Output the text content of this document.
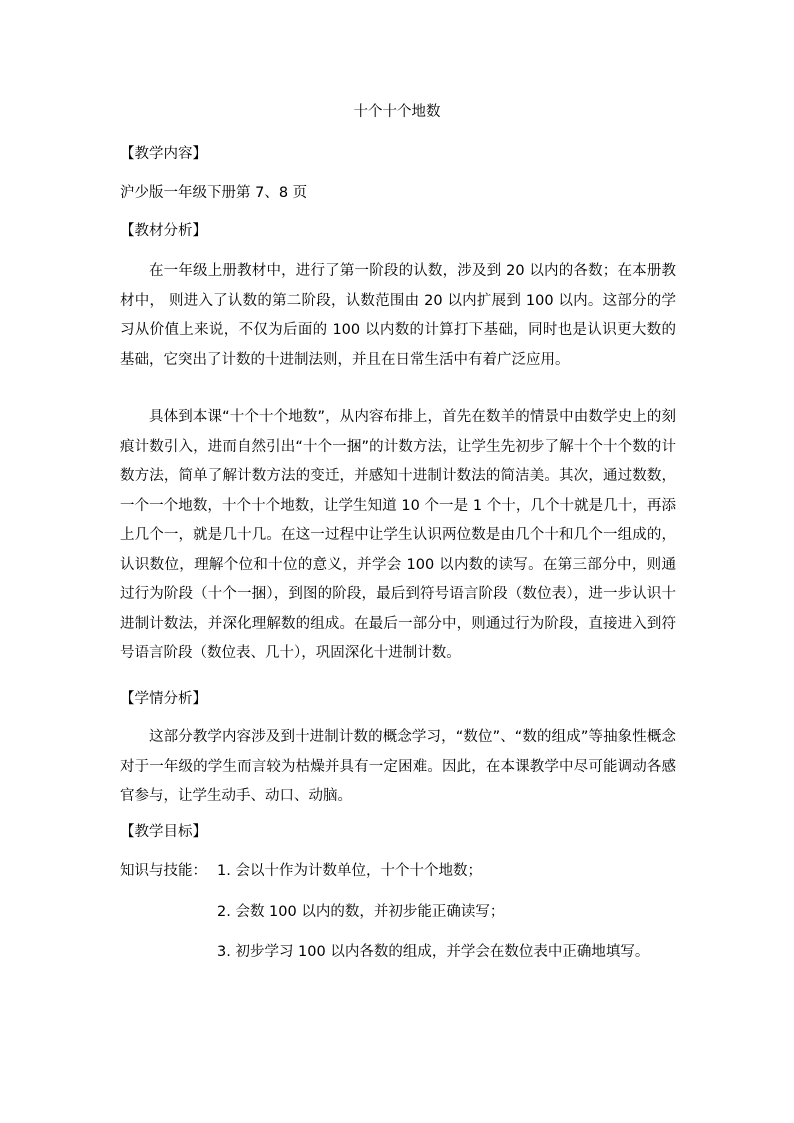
十个十个地数
【教学内容】
沪少版一年级下册第 7、8 页
【教材分析】
在一年级上册教材中，进行了第一阶段的认数，涉及到 20 以内的各数；在本册教材中， 则进入了认数的第二阶段，认数范围由 20 以内扩展到 100 以内。这部分的学习从价值上来说，不仅为后面的 100 以内数的计算打下基础，同时也是认识更大数的基础，它突出了计数的十进制法则，并且在日常生活中有着广泛应用。
具体到本课“十个十个地数”，从内容布排上，首先在数羊的情景中由数学史上的刻痕计数引入，进而自然引出“十个一捆”的计数方法，让学生先初步了解十个十个数的计数方法，简单了解计数方法的变迁，并感知十进制计数法的简洁美。其次，通过数数，一个一个地数，十个十个地数，让学生知道 10 个一是 1 个十，几个十就是几十，再添上几个一，就是几十几。在这一过程中让学生认识两位数是由几个十和几个一组成的，认识数位，理解个位和十位的意义，并学会 100 以内数的读写。在第三部分中，则通过行为阶段（十个一捆），到图的阶段，最后到符号语言阶段（数位表），进一步认识十进制计数法，并深化理解数的组成。在最后一部分中，则通过行为阶段，直接进入到符号语言阶段（数位表、几十），巩固深化十进制计数。
【学情分析】
这部分教学内容涉及到十进制计数的概念学习，“数位”、“数的组成”等抽象性概念对于一年级的学生而言较为枯燥并具有一定困难。因此，在本课教学中尽可能调动各感官参与，让学生动手、动口、动脑。
【教学目标】
知识与技能： 1. 会以十作为计数单位，十个十个地数；
2. 会数 100 以内的数，并初步能正确读写；
3. 初步学习 100 以内各数的组成，并学会在数位表中正确地填写。
